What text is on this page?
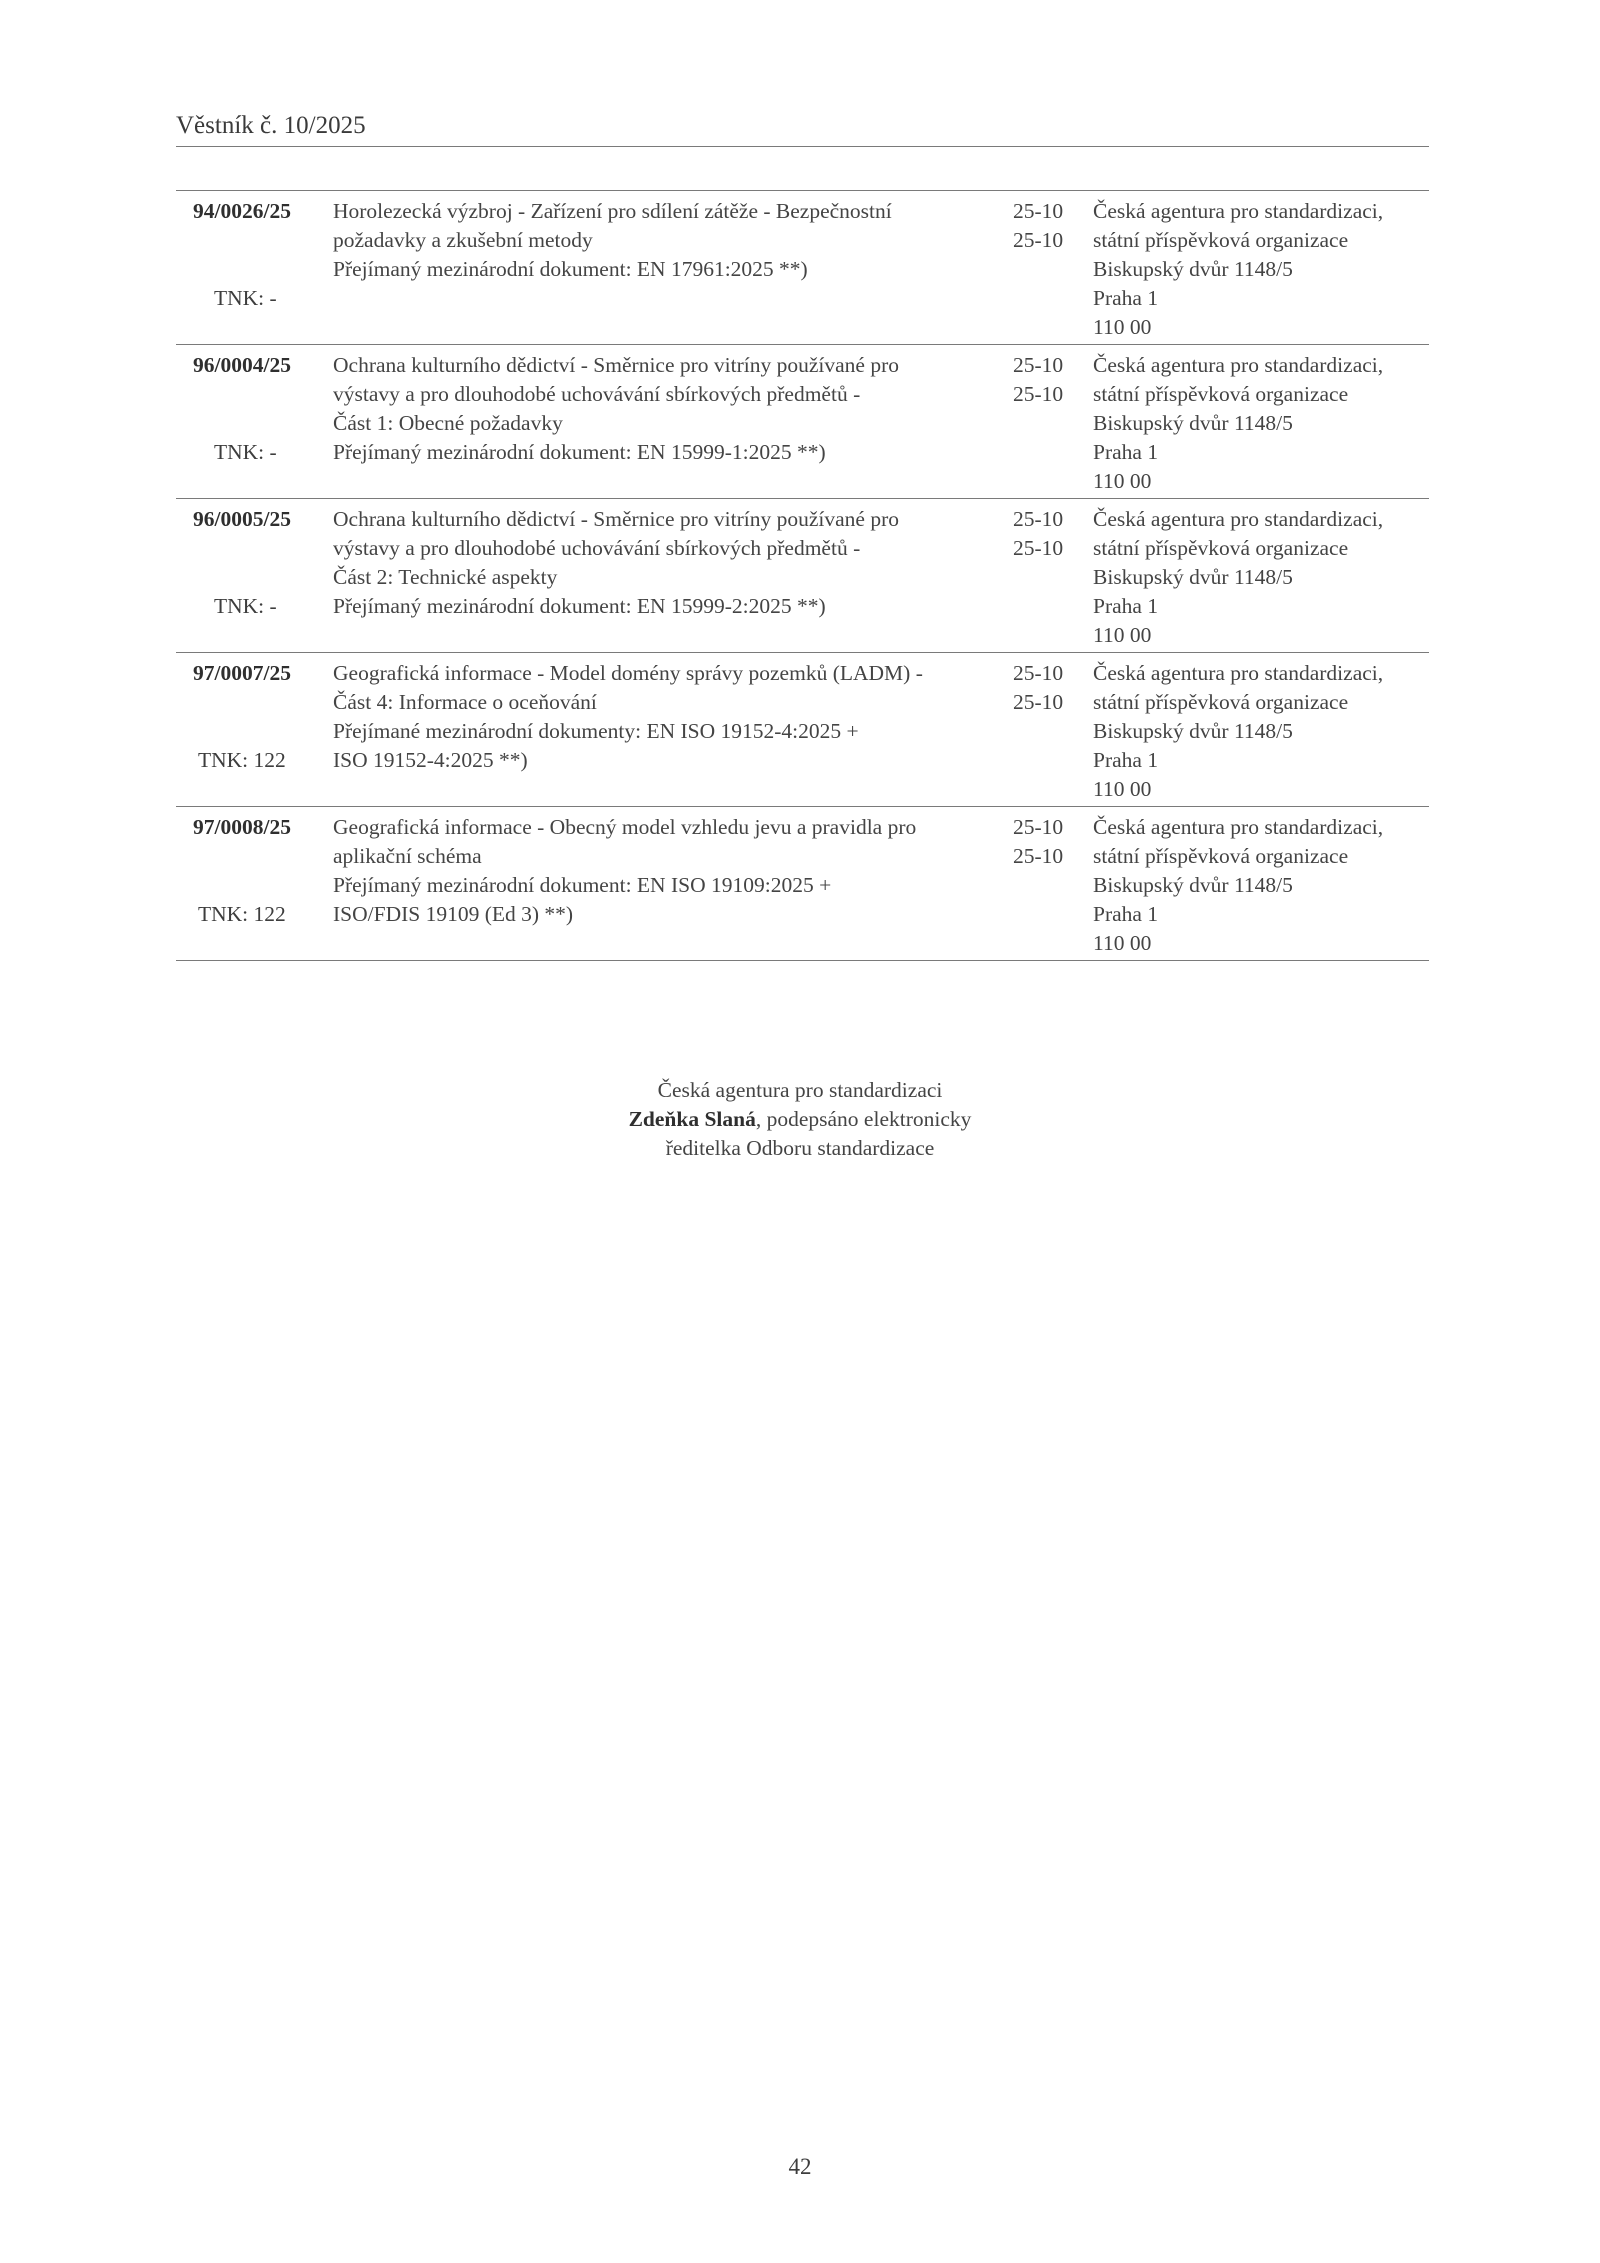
Věstník č. 10/2025
94/0026/25
TNK: -
Horolezecká výzbroj - Zařízení pro sdílení zátěže - Bezpečnostní
požadavky a zkušební metody
Přejímaný mezinárodní dokument: EN 17961:2025 **)
25-10
25-10
Česká agentura pro standardizaci,
státní příspěvková organizace
Biskupský dvůr 1148/5
Praha 1
110 00
96/0004/25
TNK: -
Ochrana kulturního dědictví - Směrnice pro vitríny používané pro
výstavy a pro dlouhodobé uchovávání sbírkových předmětů -
Část 1: Obecné požadavky
Přejímaný mezinárodní dokument: EN 15999-1:2025 **)
25-10
25-10
Česká agentura pro standardizaci,
státní příspěvková organizace
Biskupský dvůr 1148/5
Praha 1
110 00
96/0005/25
TNK: -
Ochrana kulturního dědictví - Směrnice pro vitríny používané pro
výstavy a pro dlouhodobé uchovávání sbírkových předmětů -
Část 2: Technické aspekty
Přejímaný mezinárodní dokument: EN 15999-2:2025 **)
25-10
25-10
Česká agentura pro standardizaci,
státní příspěvková organizace
Biskupský dvůr 1148/5
Praha 1
110 00
97/0007/25
TNK: 122
Geografická informace - Model domény správy pozemků (LADM) -
Část 4: Informace o oceňování
Přejímané mezinárodní dokumenty: EN ISO 19152-4:2025 +
ISO 19152-4:2025 **)
25-10
25-10
Česká agentura pro standardizaci,
státní příspěvková organizace
Biskupský dvůr 1148/5
Praha 1
110 00
97/0008/25
TNK: 122
Geografická informace - Obecný model vzhledu jevu a pravidla pro
aplikační schéma
Přejímaný mezinárodní dokument: EN ISO 19109:2025 +
ISO/FDIS 19109 (Ed 3) **)
25-10
25-10
Česká agentura pro standardizaci,
státní příspěvková organizace
Biskupský dvůr 1148/5
Praha 1
110 00
Česká agentura pro standardizaci
Zdeňka Slaná, podepsáno elektronicky
ředitelka Odboru standardizace
42
